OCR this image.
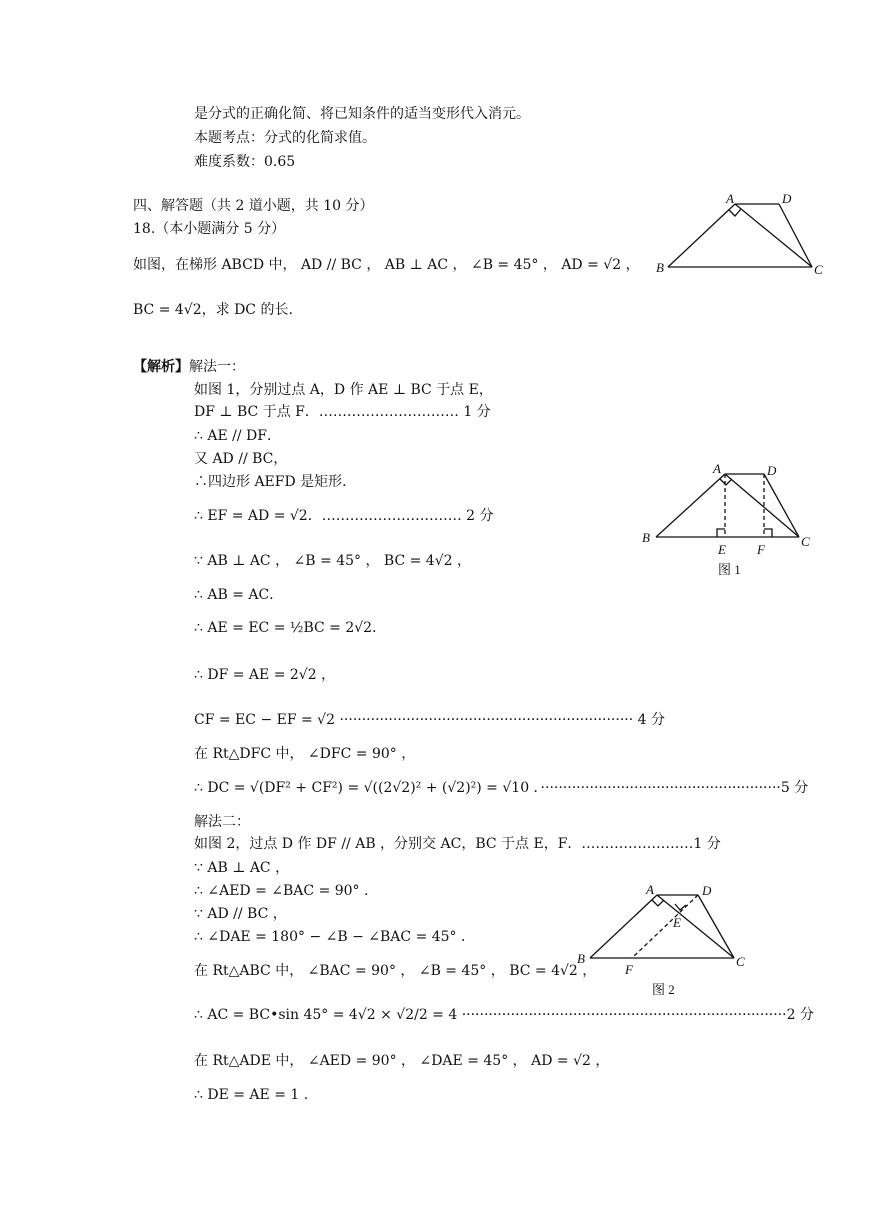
是分式的正确化简、将已知条件的适当变形代入消元。
本题考点：分式的化简求值。
难度系数：0.65
四、解答题（共 2 道小题，共 10 分）
18.（本小题满分 5 分）
如图，在梯形 ABCD 中， AD // BC ， AB ⊥ AC ， ∠B = 45° ， AD = √2 ，
BC = 4√2，求 DC 的长.
A	D
B	C
【解析】解法一：
如图 1，分别过点 A，D 作 AE ⊥ BC 于点 E，
DF ⊥ BC 于点 F．………………………… 1 分
∴ AE // DF．
又 AD // BC，
∴四边形 AEFD 是矩形.
∴ EF = AD = √2．………………………… 2 分
∵ AB ⊥ AC ， ∠B = 45° ， BC = 4√2 ，
∴ AB = AC．
∴ AE = EC = ½BC = 2√2．
∴ DF = AE = 2√2 ，
CF = EC − EF = √2 ·································································· 4 分
在 Rt△DFC 中， ∠DFC = 90° ，
∴ DC = √(DF² + CF²) = √((2√2)² + (√2)²) = √10 ．······················································5 分
A	D
B	C
E F
图 1
解法二：
如图 2，过点 D 作 DF // AB ，分别交 AC，BC 于点 E，F．……………………1 分
∵ AB ⊥ AC ，
∴ ∠AED = ∠BAC = 90° .
∵ AD // BC ，
∴ ∠DAE = 180° − ∠B − ∠BAC = 45° ．
在 Rt△ABC 中， ∠BAC = 90° ， ∠B = 45° ， BC = 4√2 ，
∴ AC = BC•sin 45° = 4√2 × √2/2 = 4 ·········································································2 分
在 Rt△ADE 中， ∠AED = 90° ， ∠DAE = 45° ， AD = √2 ，
∴ DE = AE = 1 .
A	D
E
B	C
F
图 2
